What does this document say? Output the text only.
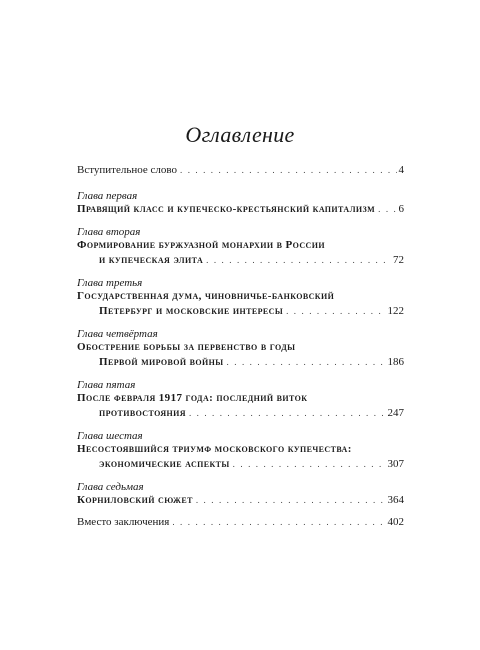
Оглавление
Вступительное слово . . .	4
Глава первая
Правящий класс и купеческо-крестьянский капитализм . . . 6
Глава вторая
Формирование буржуазной монархии в России
и купеческая элита . . .	72
Глава третья
Государственная дума, чиновничье-банковский
Петербург и московские интересы . . .	122
Глава четвёртая
Обострение борьбы за первенство в годы
Первой мировой войны . . .	186
Глава пятая
После февраля 1917 года: последний виток
противостояния . . .	247
Глава шестая
Несостоявшийся триумф московского купечества:
экономические аспекты . . .	307
Глава седьмая
Корниловский сюжет . . .	364
Вместо заключения . . .	402
